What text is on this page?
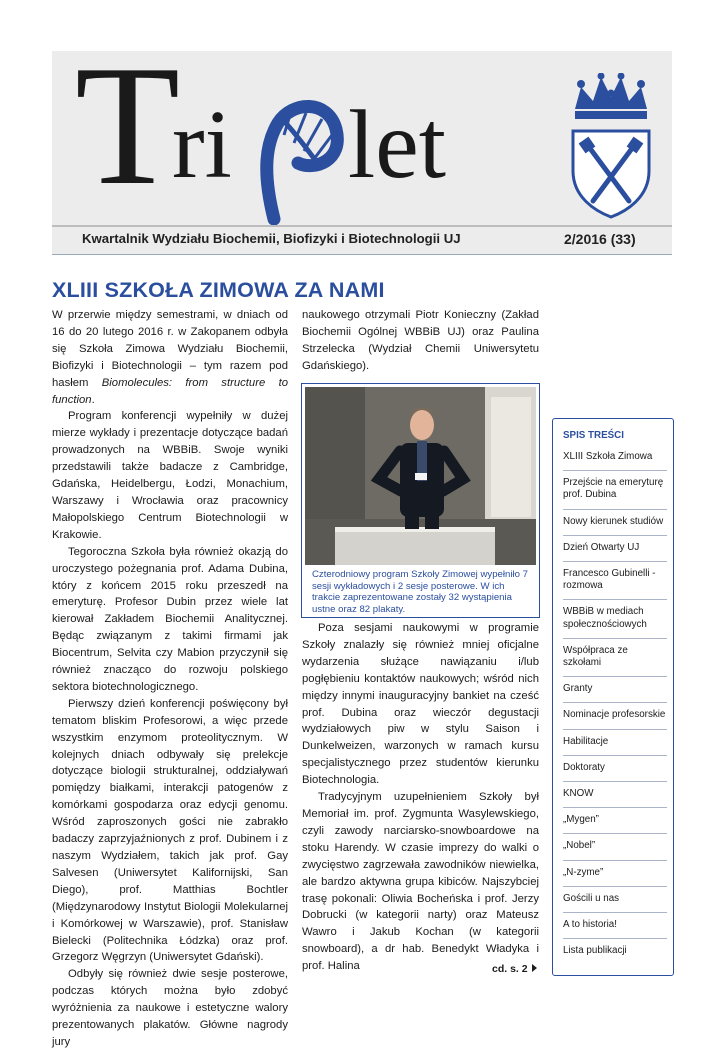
T
ri let
Kwartalnik Wydziału Biochemii, Biofizyki i Biotechnologii UJ	2/2016 (33)
XLIII SZKOŁA ZIMOWA ZA NAMI

W przerwie między semestrami, w dniach od 16 do 20 lutego 2016 r. w Zakopanem odbyła się Szkoła Zimowa Wydziału Biochemii, Biofizyki i Biotechnologii – tym razem pod hasłem Biomolecules: from structure to function.

Program konferencji wypełniły w dużej mierze wykłady i prezentacje dotyczące badań prowadzonych na WBBiB. Swoje wyniki przedstawili także badacze z Cambridge, Gdańska, Heidelbergu, Łodzi, Monachium, Warszawy i Wrocławia oraz pracownicy Małopolskiego Centrum Biotechnologii w Krakowie.

Tegoroczna Szkoła była również okazją do uroczystego pożegnania prof. Adama Dubina, który z końcem 2015 roku przeszedł na emeryturę. Profesor Dubin przez wiele lat kierował Zakładem Biochemii Analitycznej. Będąc związanym z takimi firmami jak Biocentrum, Selvita czy Mabion przyczynił się również znacząco do rozwoju polskiego sektora biotechnologicznego.

Pierwszy dzień konferencji poświęcony był tematom bliskim Profesorowi, a więc przede wszystkim enzymom proteolitycznym. W kolejnych dniach odbywały się prelekcje dotyczące biologii strukturalnej, oddziaływań pomiędzy białkami, interakcji patogenów z komórkami gospodarza oraz edycji genomu. Wśród zaproszonych gości nie zabrakło badaczy zaprzyjaźnionych z prof. Dubinem i z naszym Wydziałem, takich jak prof. Gay Salvesen (Uniwersytet Kalifornijski, San Diego), prof. Matthias Bochtler (Międzynarodowy Instytut Biologii Molekularnej i Komórkowej w Warszawie), prof. Stanisław Bielecki (Politechnika Łódzka) oraz prof. Grzegorz Węgrzyn (Uniwersytet Gdański).

Odbyły się również dwie sesje posterowe, podczas których można było zdobyć wyróżnienia za naukowe i estetyczne walory prezentowanych plakatów. Główne nagrody jury

naukowego otrzymali Piotr Konieczny (Zakład Biochemii Ogólnej WBBiB UJ) oraz Paulina Strzelecka (Wydział Chemii Uniwersytetu Gdańskiego).

Czterodniowy program Szkoły Zimowej wypełniło 7 sesji wykładowych i 2 sesje posterowe. W ich trakcie zaprezentowane zostały 32 wystąpienia ustne oraz 82 plakaty.

Poza sesjami naukowymi w programie Szkoły znalazły się również mniej oficjalne wydarzenia służące nawiązaniu i/lub pogłębieniu kontaktów naukowych; wśród nich między innymi inauguracyjny bankiet na cześć prof. Dubina oraz wieczór degustacji wydziałowych piw w stylu Saison i Dunkelweizen, warzonych w ramach kursu specjalistycznego przez studentów kierunku Biotechnologia.

Tradycyjnym uzupełnieniem Szkoły był Memoriał im. prof. Zygmunta Wasylewskiego, czyli zawody narciarsko-snowboardowe na stoku Harendy. W czasie imprezy do walki o zwycięstwo zagrzewała zawodników niewielka, ale bardzo aktywna grupa kibiców. Najszybciej trasę pokonali: Oliwia Bocheńska i prof. Jerzy Dobrucki (w kategorii narty) oraz Mateusz Wawro i Jakub Kochan (w kategorii snowboard), a dr hab. Benedykt Władyka i prof. Halina	cd. s. 2
SPIS TREŚCI
XLIII Szkoła Zimowa
Przejście na emeryturę prof. Dubina
Nowy kierunek studiów
Dzień Otwarty UJ
Francesco Gubinelli - rozmowa
WBBiB w mediach społecznościowych
Współpraca ze szkołami
Granty
Nominacje profesorskie
Habilitacje
Doktoraty
KNOW
„Mygen”
„Nobel”
„N-zyme”
Gościli u nas
A to historia!
Lista publikacji
